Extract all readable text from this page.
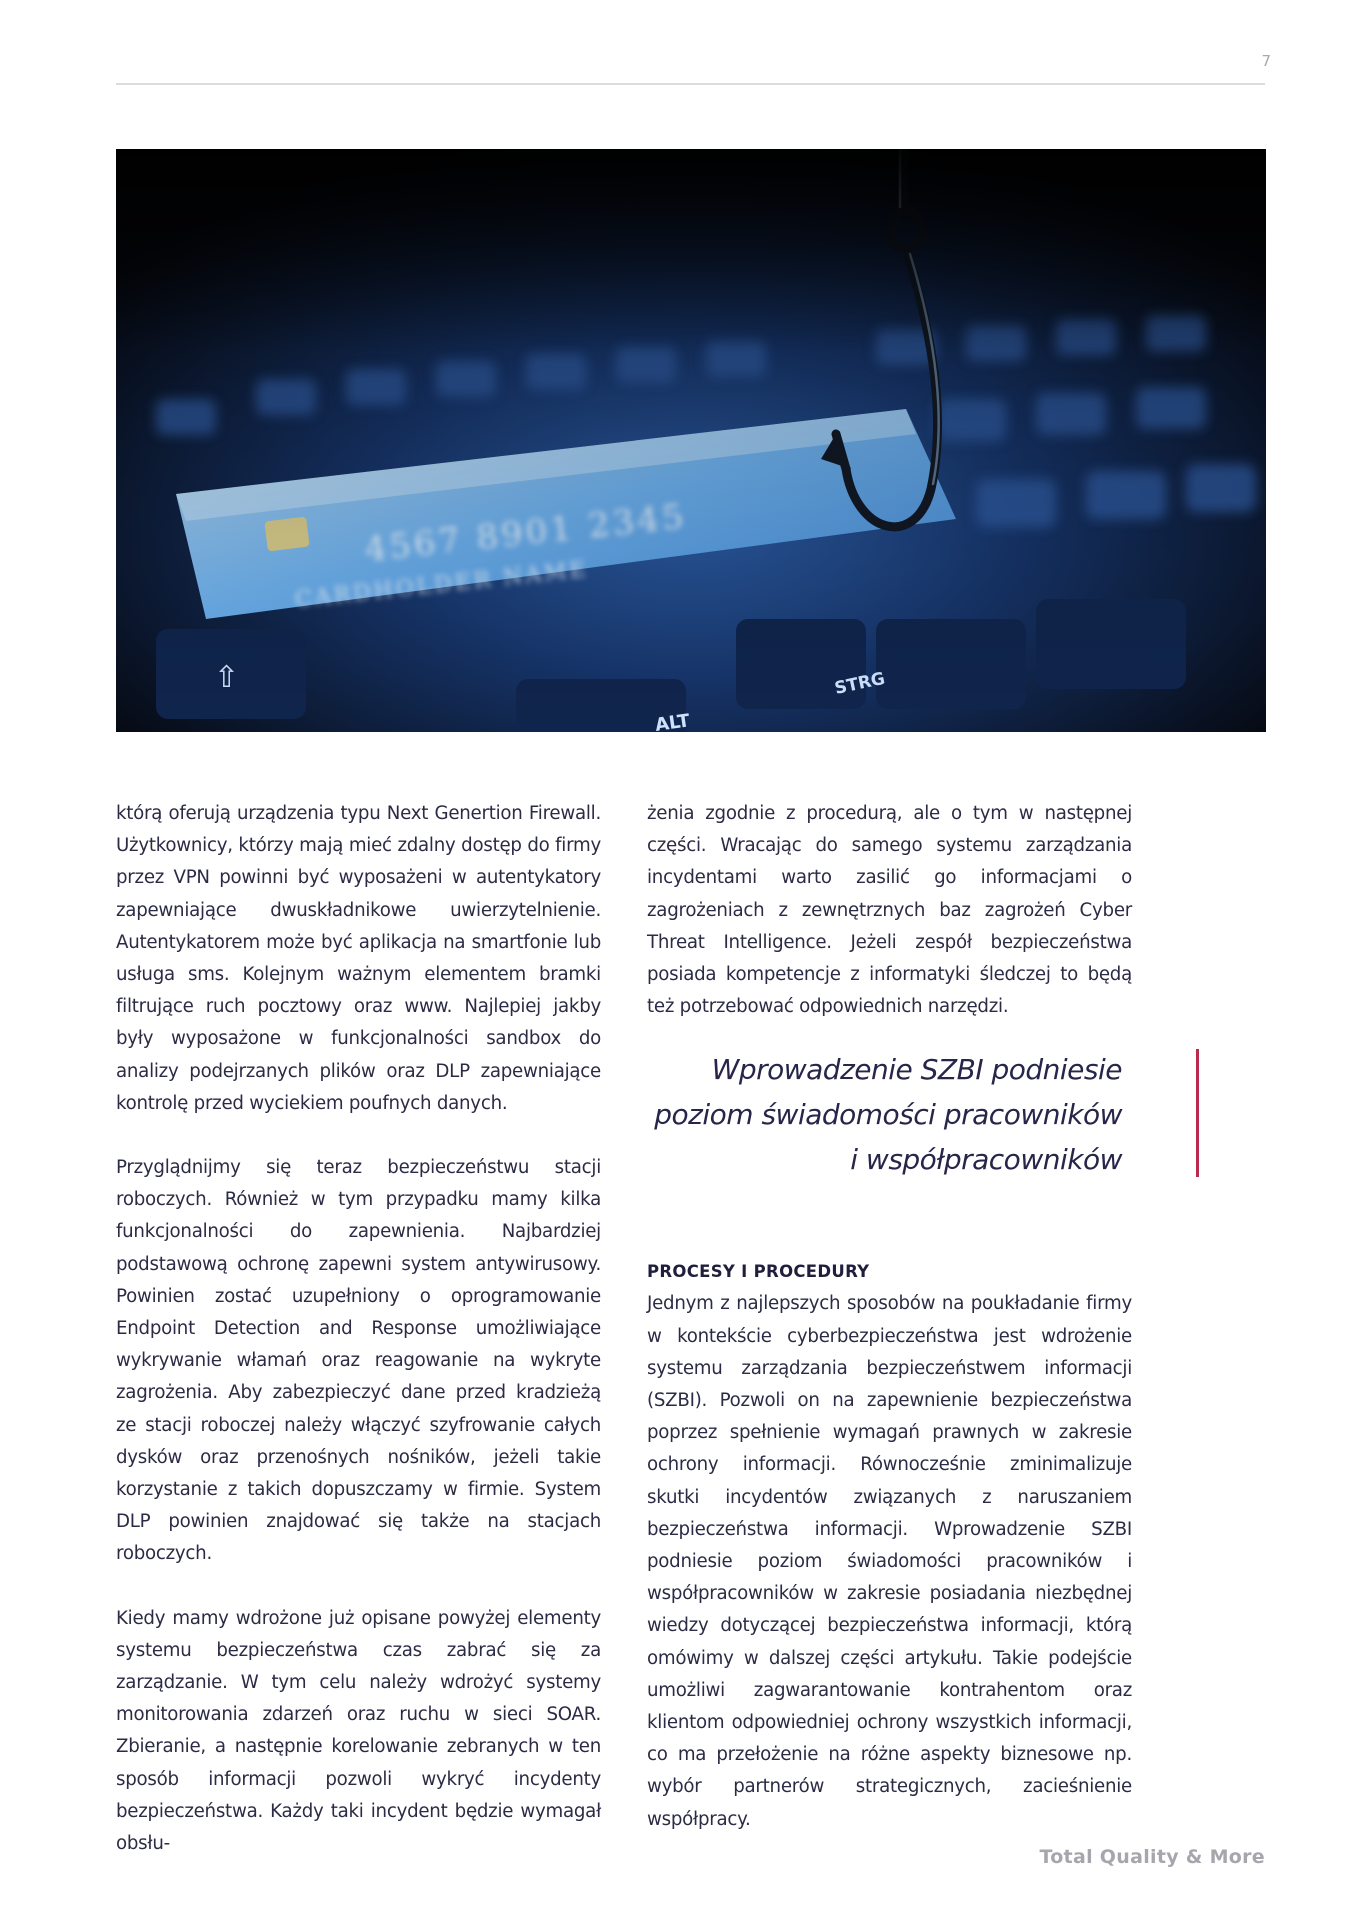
7

którą oferują urządzenia typu Next Genertion Firewall. Użytkownicy, którzy mają mieć zdalny dostęp do firmy przez VPN powinni być wyposażeni w autentykatory zapewniające dwuskładnikowe uwierzytelnienie. Autentykatorem może być aplikacja na smartfonie lub usługa sms. Kolejnym ważnym elementem bramki filtrujące ruch pocztowy oraz www. Najlepiej jakby były wyposażone w funkcjonalności sandbox do analizy podejrzanych plików oraz DLP zapewniające kontrolę przed wyciekiem poufnych danych.

Przyglądnijmy się teraz bezpieczeństwu stacji roboczych. Również w tym przypadku mamy kilka funkcjonalności do zapewnienia. Najbardziej podstawową ochronę zapewni system antywirusowy. Powinien zostać uzupełniony o oprogramowanie Endpoint Detection and Response umożliwiające wykrywanie włamań oraz reagowanie na wykryte zagrożenia. Aby zabezpieczyć dane przed kradzieżą ze stacji roboczej należy włączyć szyfrowanie całych dysków oraz przenośnych nośników, jeżeli takie korzystanie z takich dopuszczamy w firmie. System DLP powinien znajdować się także na stacjach roboczych.

Kiedy mamy wdrożone już opisane powyżej elementy systemu bezpieczeństwa czas zabrać się za zarządzanie. W tym celu należy wdrożyć systemy monitorowania zdarzeń oraz ruchu w sieci SOAR. Zbieranie, a następnie korelowanie zebranych w ten sposób informacji pozwoli wykryć incydenty bezpieczeństwa. Każdy taki incydent będzie wymagał obsłu-

żenia zgodnie z procedurą, ale o tym w następnej części. Wracając do samego systemu zarządzania incydentami warto zasilić go informacjami o zagrożeniach z zewnętrznych baz zagrożeń Cyber Threat Intelligence. Jeżeli zespół bezpieczeństwa posiada kompetencje z informatyki śledczej to będą też potrzebować odpowiednich narzędzi.

Wprowadzenie SZBI podniesie
poziom świadomości pracowników
i współpracowników
PROCESY I PROCEDURY

Jednym z najlepszych sposobów na poukładanie firmy w kontekście cyberbezpieczeństwa jest wdrożenie systemu zarządzania bezpieczeństwem informacji (SZBI). Pozwoli on na zapewnienie bezpieczeństwa poprzez spełnienie wymagań prawnych w zakresie ochrony informacji. Równocześnie zminimalizuje skutki incydentów związanych z naruszaniem bezpieczeństwa informacji. Wprowadzenie SZBI podniesie poziom świadomości pracowników i współpracowników w zakresie posiadania niezbędnej wiedzy dotyczącej bezpieczeństwa informacji, którą omówimy w dalszej części artykułu. Takie podejście umożliwi zagwarantowanie kontrahentom oraz klientom odpowiedniej ochrony wszystkich informacji, co ma przełożenie na różne aspekty biznesowe np. wybór partnerów strategicznych, zacieśnienie współpracy.

Total Quality & More
